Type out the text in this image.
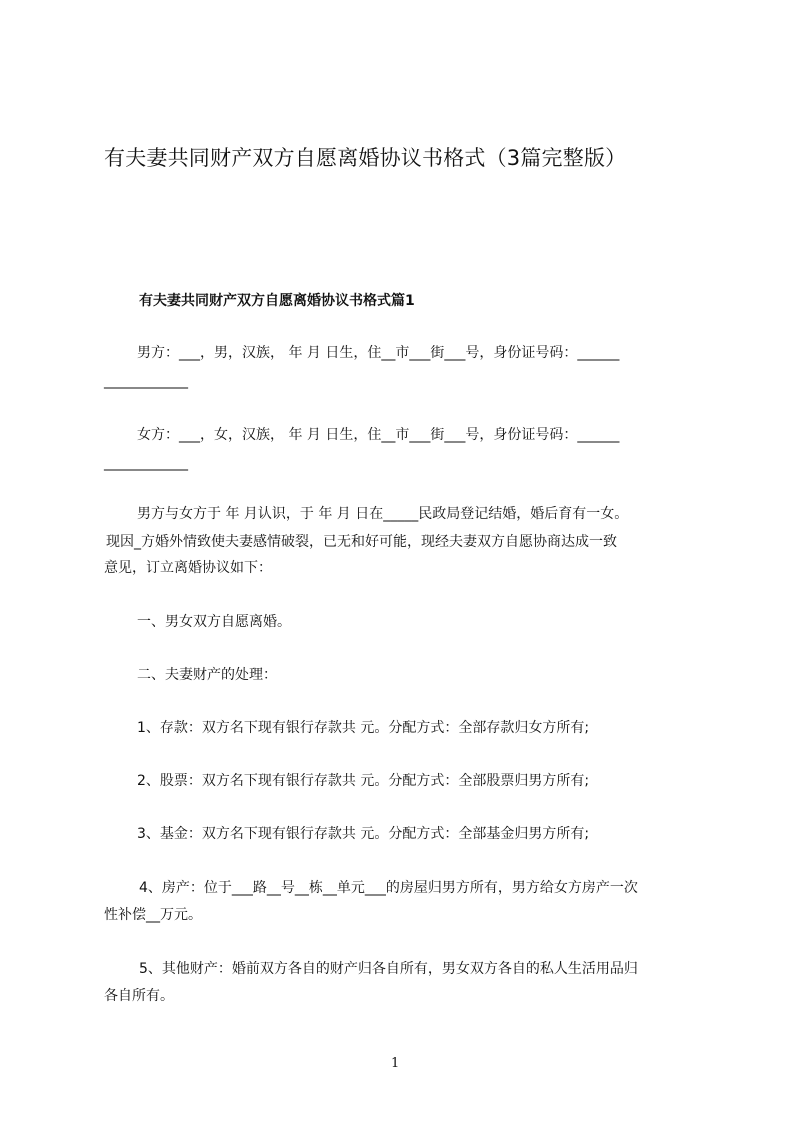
有夫妻共同财产双方自愿离婚协议书格式（3篇完整版）
有夫妻共同财产双方自愿离婚协议书格式篇1
男方：___，男，汉族， 年 月 日生，住__市___街___号，身份证号码：______
____________
女方：___，女，汉族， 年 月 日生，住__市___街___号，身份证号码：______
____________
男方与女方于 年 月认识，于 年 月 日在_____民政局登记结婚，婚后育有一女。
现因_方婚外情致使夫妻感情破裂，已无和好可能，现经夫妻双方自愿协商达成一致
意见，订立离婚协议如下：
一、男女双方自愿离婚。
二、夫妻财产的处理：
1、存款：双方名下现有银行存款共 元。分配方式：全部存款归女方所有;
2、股票：双方名下现有银行存款共 元。分配方式：全部股票归男方所有;
3、基金：双方名下现有银行存款共 元。分配方式：全部基金归男方所有;
4、房产：位于___路__号__栋__单元___的房屋归男方所有，男方给女方房产一次
性补偿__万元。
5、其他财产：婚前双方各自的财产归各自所有，男女双方各自的私人生活用品归
各自所有。
1
